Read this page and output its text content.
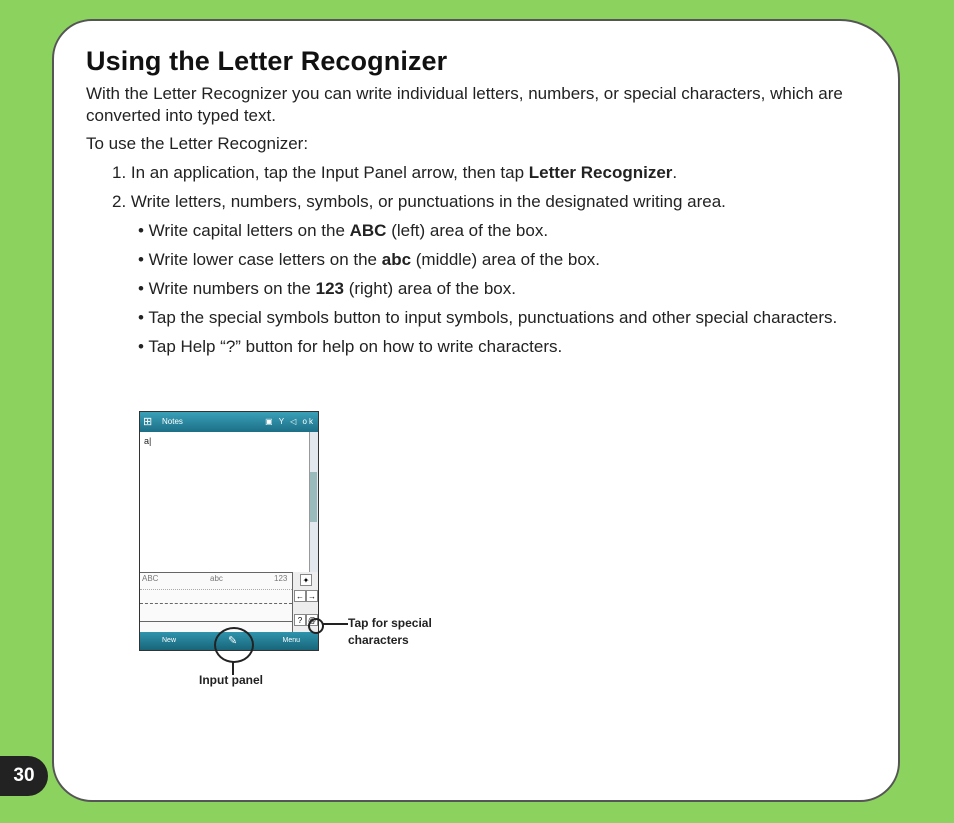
30
Using the Letter Recognizer

With the Letter Recognizer you can write individual letters, numbers, or special characters, which are converted into typed text.

To use the Letter Recognizer:

1. In an application, tap the Input Panel arrow, then tap Letter Recognizer.

2. Write letters, numbers, symbols, or punctuations in the designated writing area.

• Write capital letters on the ABC (left) area of the box.

• Write lower case letters on the abc (middle) area of the box.

• Write numbers on the 123 (right) area of the box.

• Tap the special symbols button to input symbols, punctuations and other special characters.

• Tap Help “?” button for help on how to write characters.

⊞	Notes	▣ Y ◁ ok
a|
ABC	abc	123	✦
← →
? @
New	✎	Menu
Input panel
Tap for special
characters
